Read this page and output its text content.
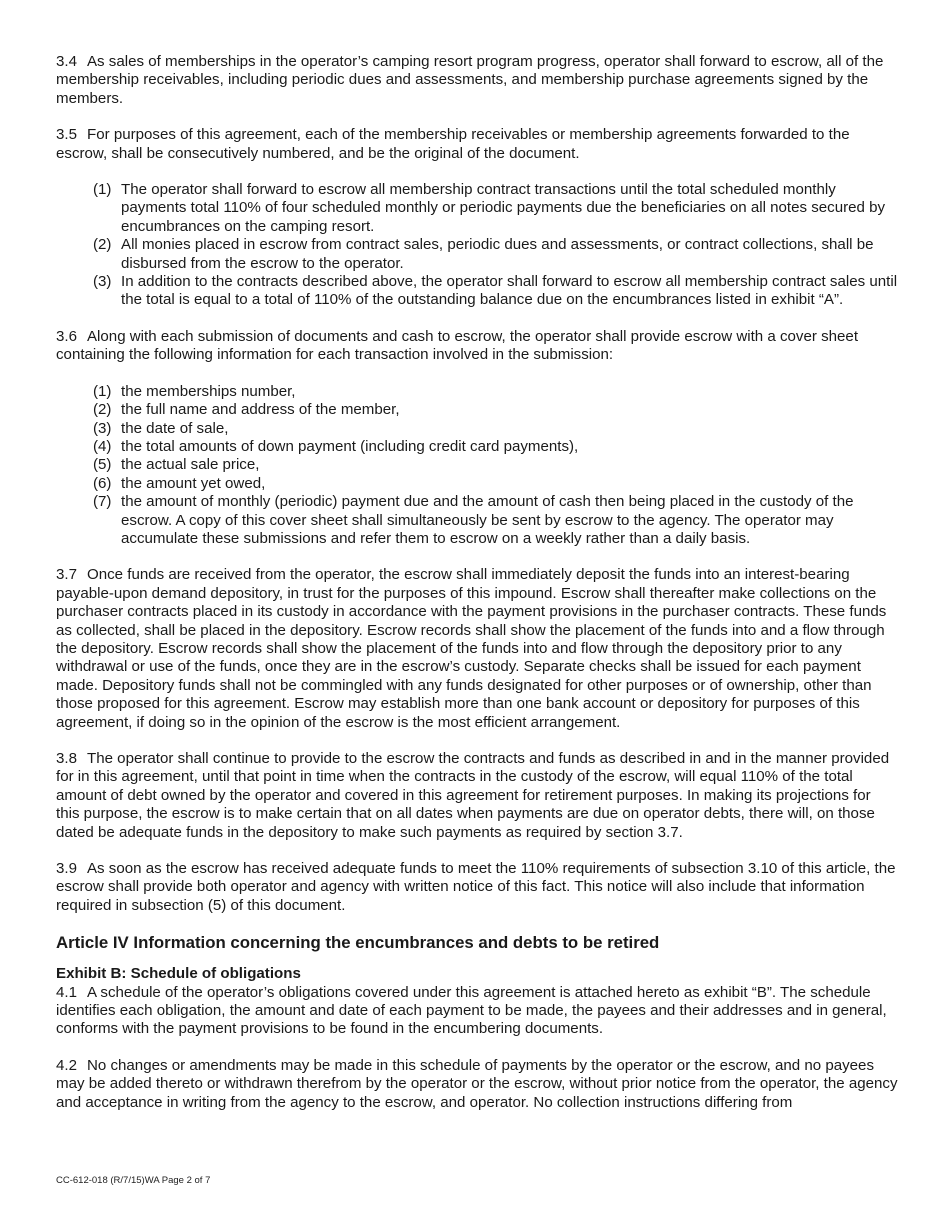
3.4 As sales of memberships in the operator’s camping resort program progress, operator shall forward to escrow, all of the membership receivables, including periodic dues and assessments, and membership purchase agreements signed by the members.

3.5 For purposes of this agreement, each of the membership receivables or membership agreements forwarded to the escrow, shall be consecutively numbered, and be the original of the document.

(1) The operator shall forward to escrow all membership contract transactions until the total scheduled monthly payments total 110% of four scheduled monthly or periodic payments due the beneficiaries on all notes secured by encumbrances on the camping resort.
(2) All monies placed in escrow from contract sales, periodic dues and assessments, or contract collections, shall be disbursed from the escrow to the operator.
(3) In addition to the contracts described above, the operator shall forward to escrow all membership contract sales until the total is equal to a total of 110% of the outstanding balance due on the encumbrances listed in exhibit “A”.

3.6 Along with each submission of documents and cash to escrow, the operator shall provide escrow with a cover sheet containing the following information for each transaction involved in the submission:

(1) the memberships number,
(2) the full name and address of the member,
(3) the date of sale,
(4) the total amounts of down payment (including credit card payments),
(5) the actual sale price,
(6) the amount yet owed,
(7) the amount of monthly (periodic) payment due and the amount of cash then being placed in the custody of the escrow. A copy of this cover sheet shall simultaneously be sent by escrow to the agency. The operator may accumulate these submissions and refer them to escrow on a weekly rather than a daily basis.

3.7 Once funds are received from the operator, the escrow shall immediately deposit the funds into an interest-bearing payable-upon demand depository, in trust for the purposes of this impound. Escrow shall thereafter make collections on the purchaser contracts placed in its custody in accordance with the payment provisions in the purchaser contracts. These funds as collected, shall be placed in the depository. Escrow records shall show the placement of the funds into and a flow through the depository. Escrow records shall show the placement of the funds into and flow through the depository prior to any withdrawal or use of the funds, once they are in the escrow’s custody. Separate checks shall be issued for each payment made. Depository funds shall not be commingled with any funds designated for other purposes or of ownership, other than those proposed for this agreement. Escrow may establish more than one bank account or depository for purposes of this agreement, if doing so in the opinion of the escrow is the most efficient arrangement.

3.8 The operator shall continue to provide to the escrow the contracts and funds as described in and in the manner provided for in this agreement, until that point in time when the contracts in the custody of the escrow, will equal 110% of the total amount of debt owned by the operator and covered in this agreement for retirement purposes. In making its projections for this purpose, the escrow is to make certain that on all dates when payments are due on operator debts, there will, on those dated be adequate funds in the depository to make such payments as required by section 3.7.

3.9 As soon as the escrow has received adequate funds to meet the 110% requirements of subsection 3.10 of this article, the escrow shall provide both operator and agency with written notice of this fact. This notice will also include that information required in subsection (5) of this document.

Article IV Information concerning the encumbrances and debts to be retired
Exhibit B: Schedule of obligations

4.1 A schedule of the operator’s obligations covered under this agreement is attached hereto as exhibit “B”. The schedule identifies each obligation, the amount and date of each payment to be made, the payees and their addresses and in general, conforms with the payment provisions to be found in the encumbering documents.

4.2 No changes or amendments may be made in this schedule of payments by the operator or the escrow, and no payees may be added thereto or withdrawn therefrom by the operator or the escrow, without prior notice from the operator, the agency and acceptance in writing from the agency to the escrow, and operator. No collection instructions differing from

CC-612-018 (R/7/15)WA Page 2 of 7
